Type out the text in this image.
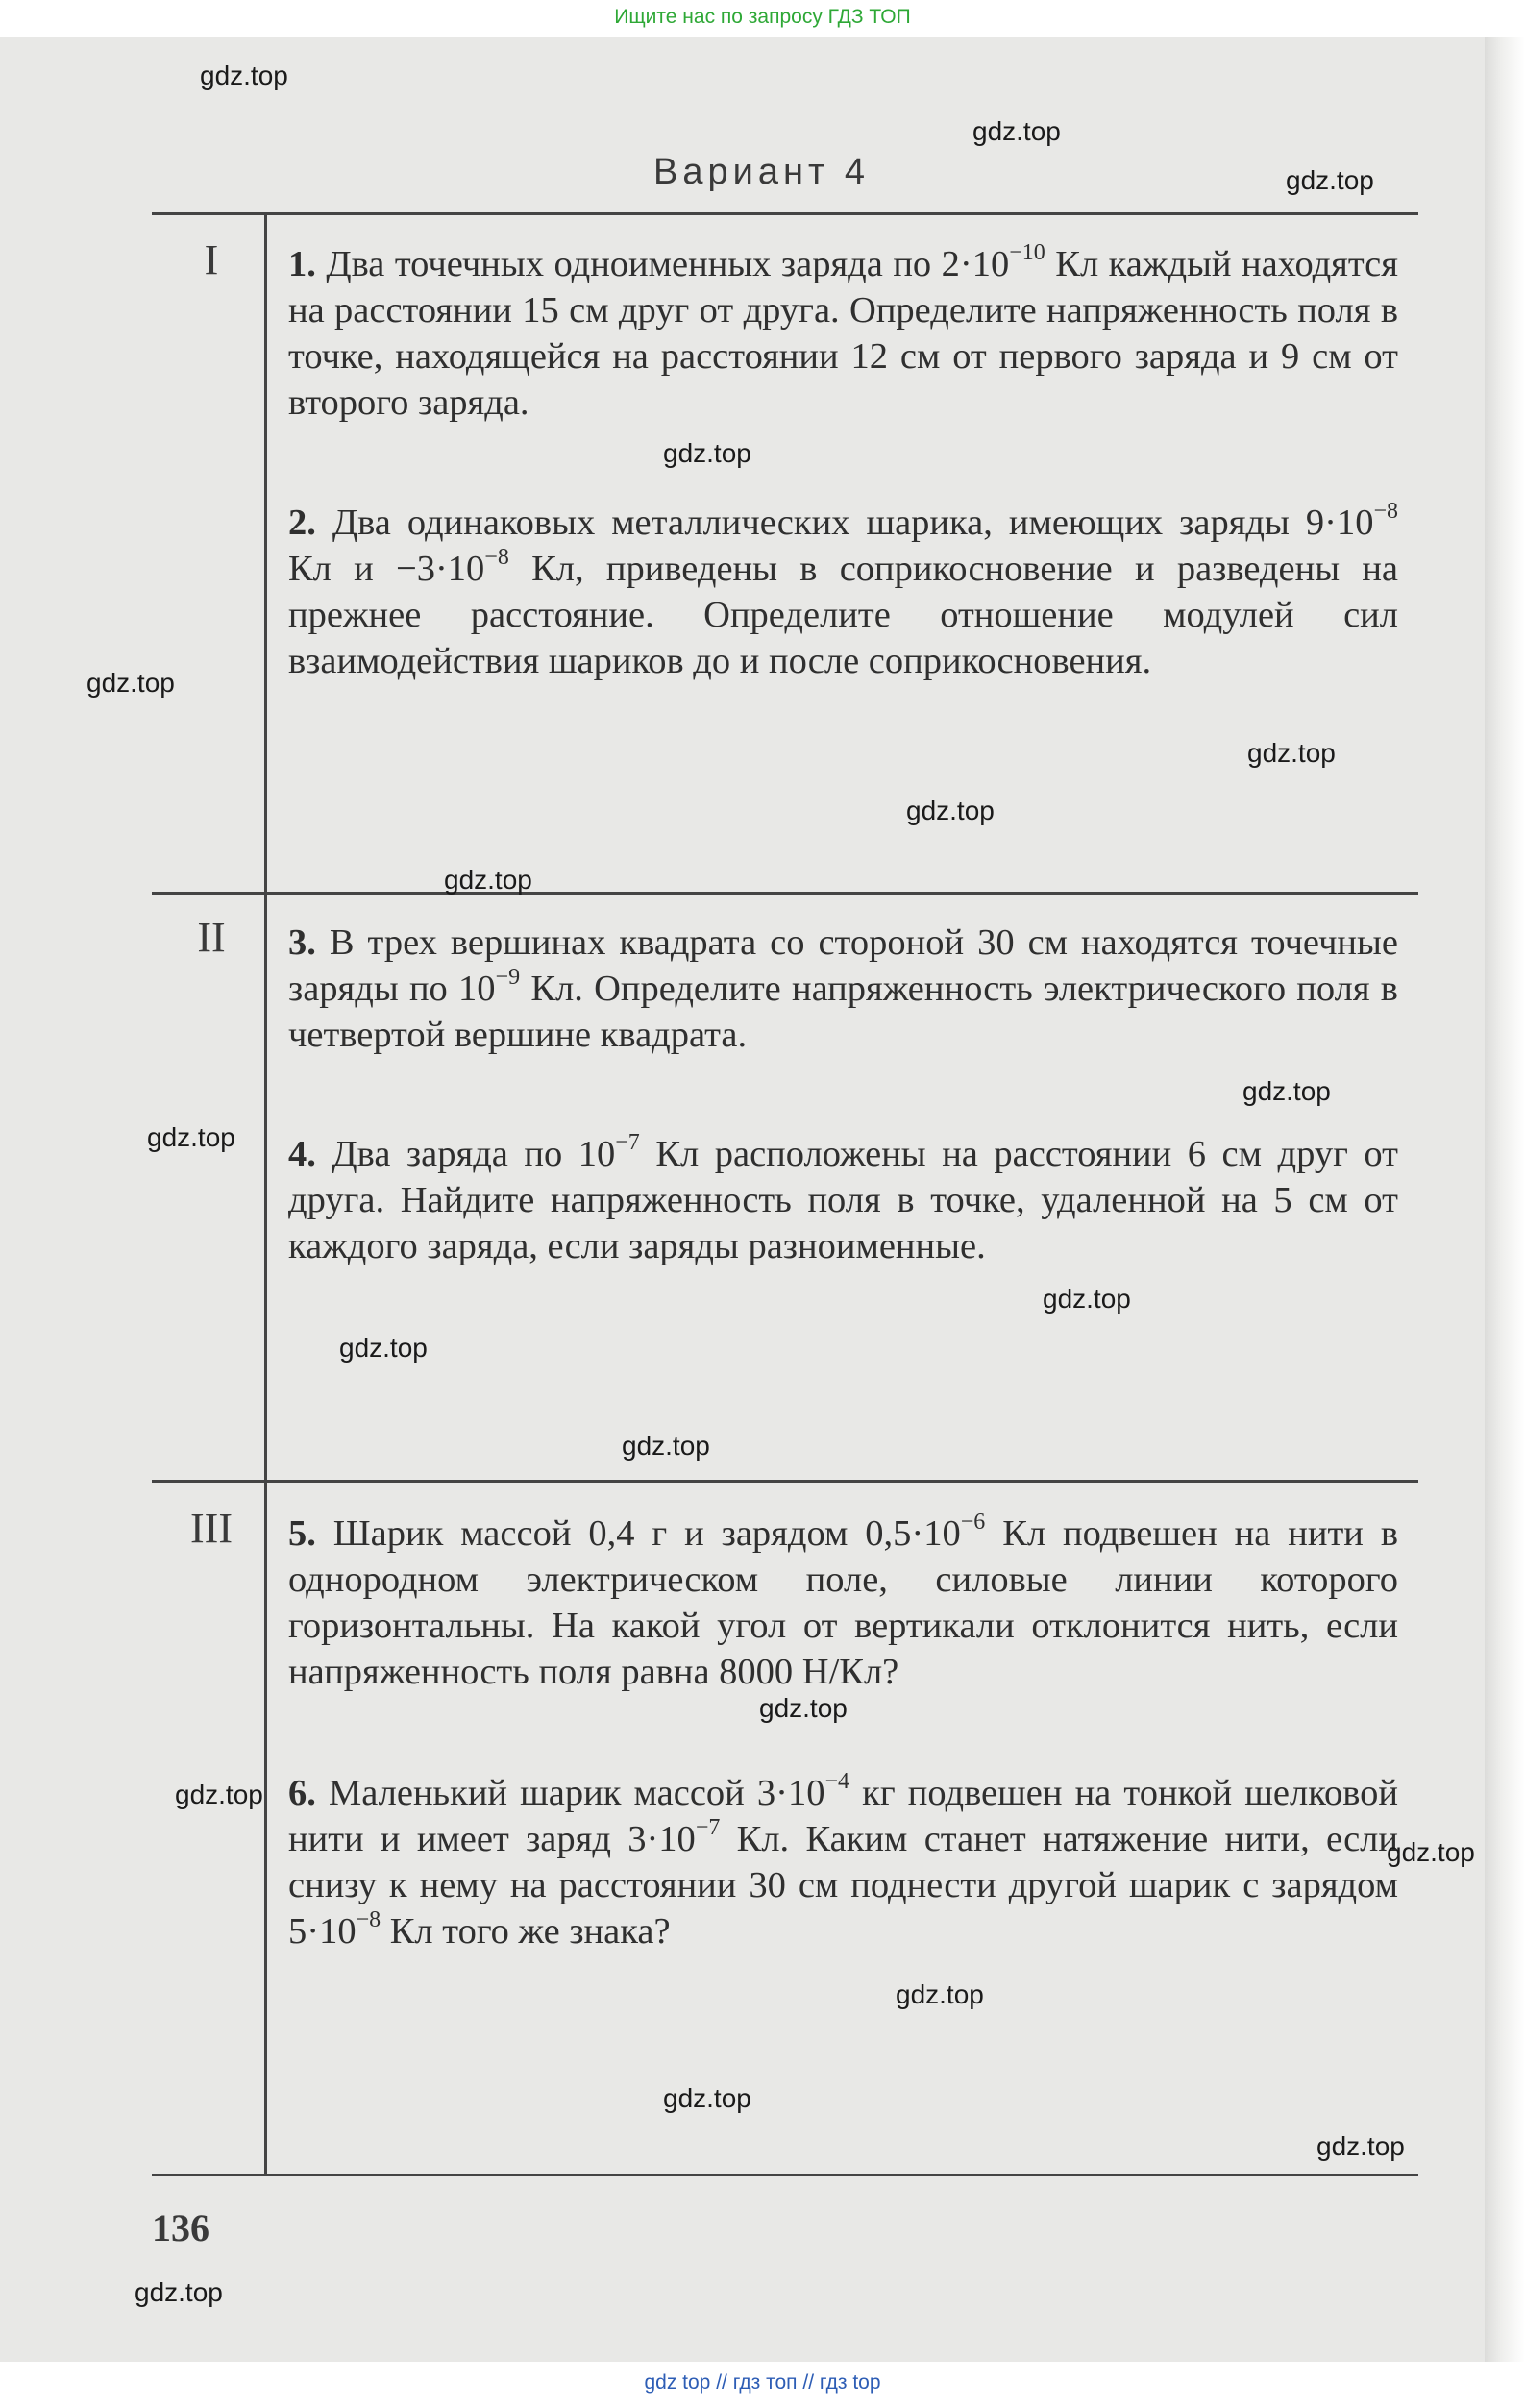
Ищите нас по запросу ГДЗ ТОП
Вариант 4
I
II
III
1. Два точечных одноименных заряда по $2\cdot 10^{-10}$ Кл каждый находятся на расстоянии 15 см друг от друга. Определите напряженность поля в точке, находящейся на расстоянии 12 см от первого заряда и 9 см от второго заряда.
2. Два одинаковых металлических шарика, имеющих заряды $9\cdot 10^{-8}$ Кл $и -3\cdot 10^{-8}$ Кл, приведены в соприкосновение и разведены на прежнее расстояние. Определите отношение модулей сил взаимодействия шариков до и после соприкосновения.
3. В трех вершинах квадрата со стороной 30 см находятся точечные заряды по $10^{-9}$ Кл. Определите напряженность электрического поля в четвертой вершине квадрата.
4. Два заряда по $10^{-7}$ Кл расположены на расстоянии 6 см друг от друга. Найдите напряженность поля в точке, удаленной на 5 см от каждого заряда, если заряды разноименные.
5. Шарик массой 0,4 г и зарядом $0,5\cdot 10^{-6}$ Кл подвешен на нити в однородном электрическом поле, силовые линии которого горизонтальны. На какой угол от вертикали отклонится нить, если напряженность поля равна 8000 Н/Кл?
6. Маленький шарик массой $3\cdot 10^{-4}$ кг подвешен на тонкой шелковой нити и имеет заряд $3\cdot 10^{-7}$ Кл. Каким станет натяжение нити, если снизу к нему на расстоянии 30 см поднести другой шарик с зарядом $5\cdot 10^{-8}$ Кл того же знака?
136
gdz.top
gdz.top
gdz.top
gdz.top
gdz.top
gdz.top
gdz.top
gdz.top
gdz.top
gdz.top
gdz.top
gdz.top
gdz.top
gdz.top
gdz.top
gdz.top
gdz.top
gdz.top
gdz.top
gdz.top
gdz top // гдз топ // гдз top
